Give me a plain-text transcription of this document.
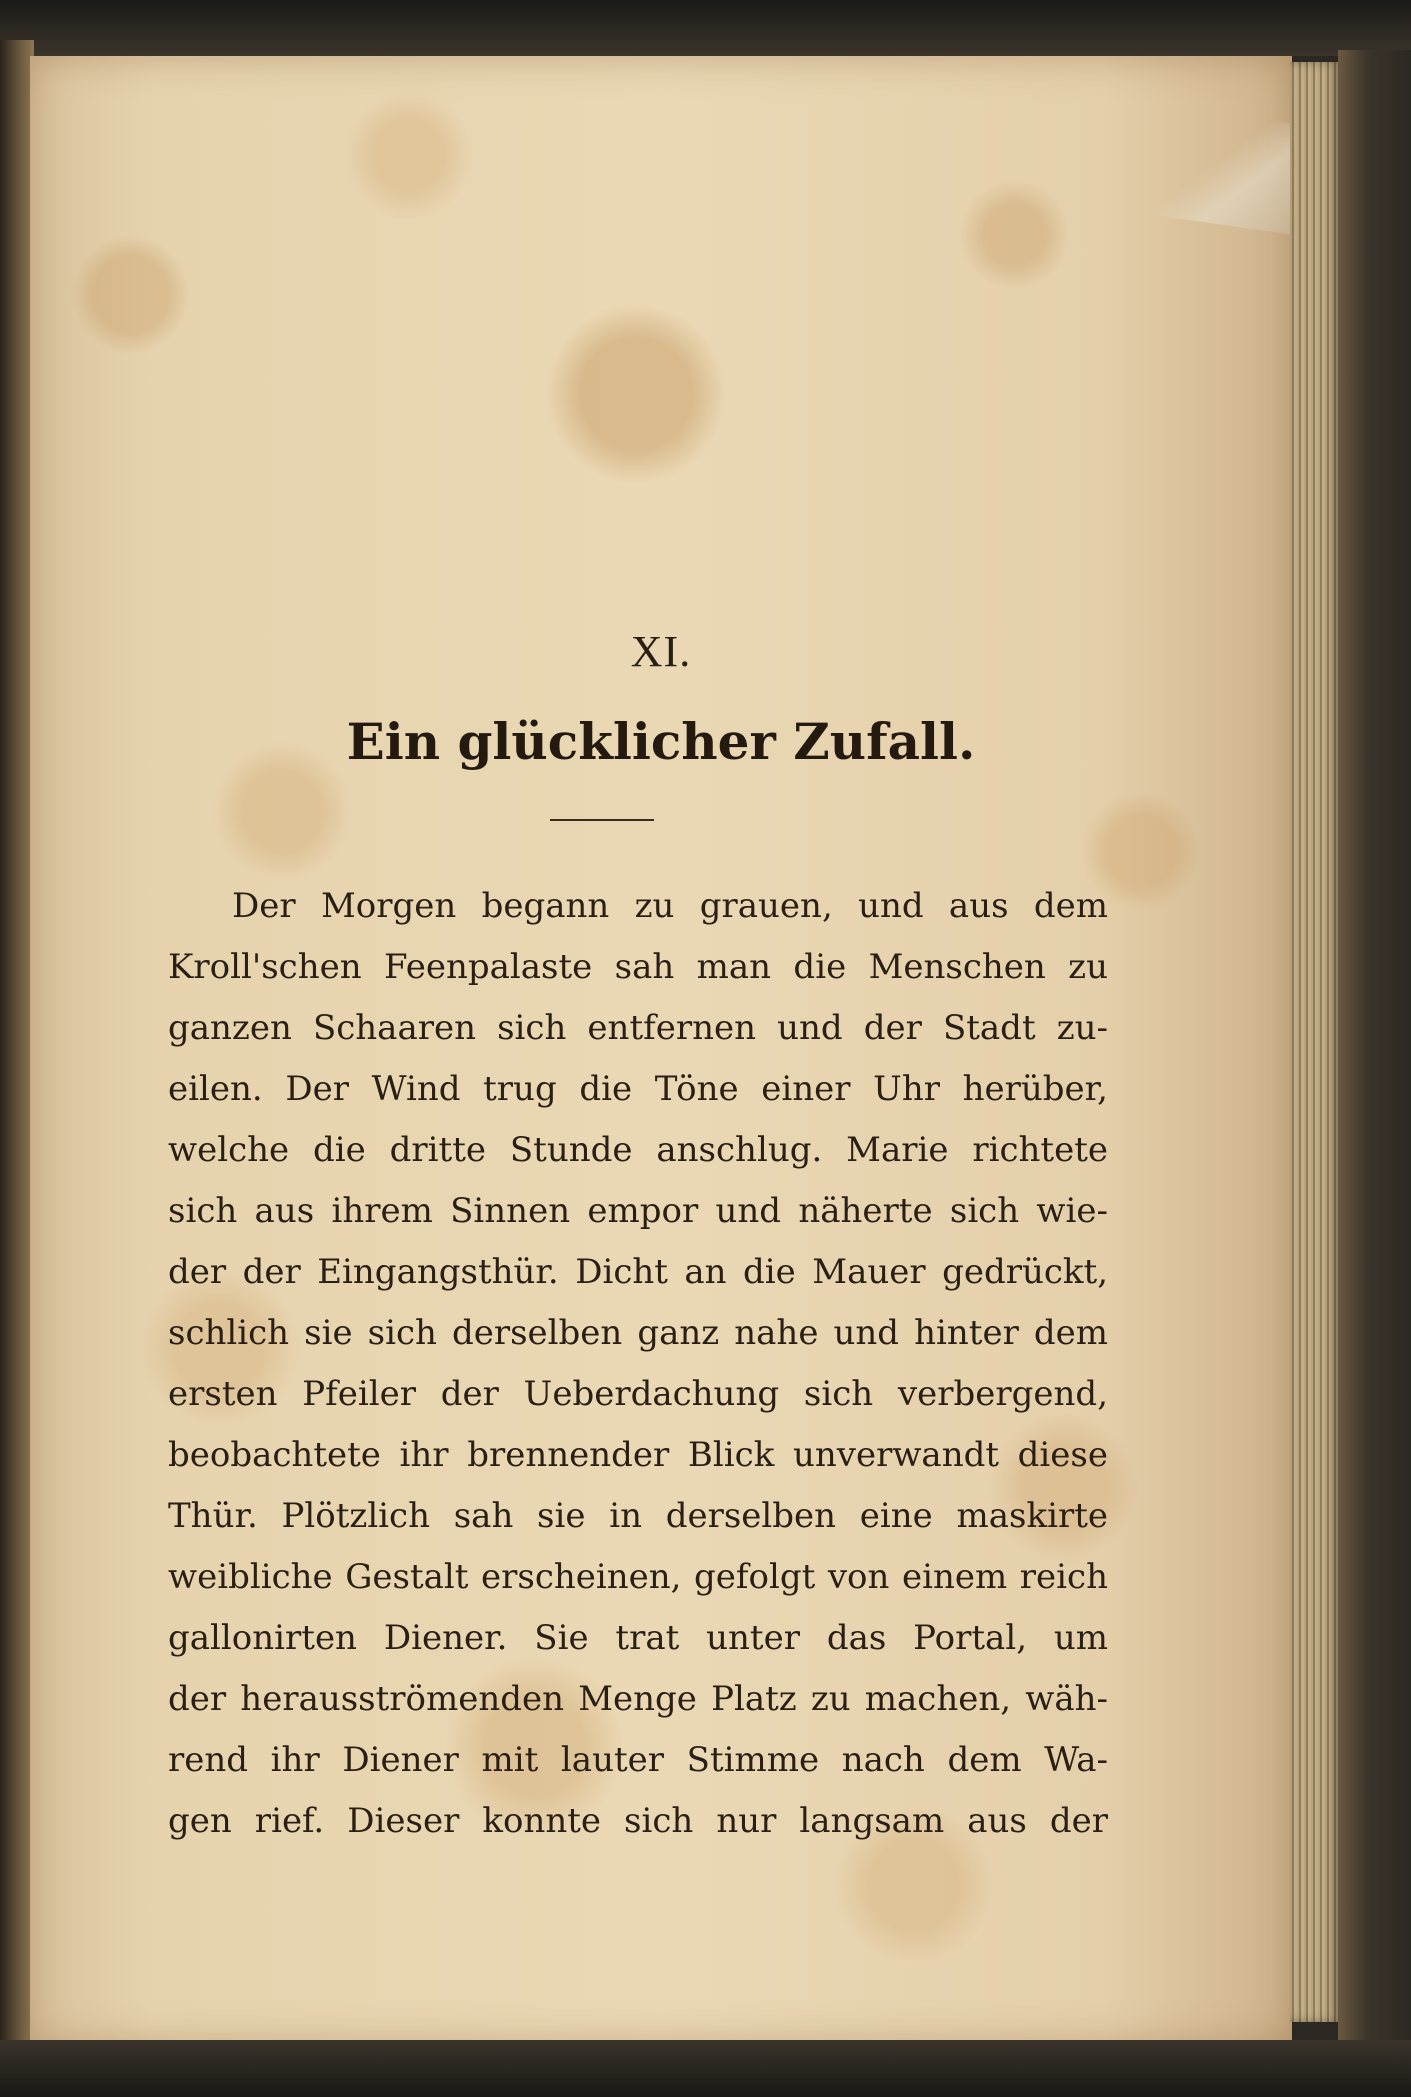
XI.
Ein glücklicher Zufall.
Der Morgen begann zu grauen, und aus dem
Kroll'schen Feenpalaste sah man die Menschen zu
ganzen Schaaren sich entfernen und der Stadt zu-
eilen. Der Wind trug die Töne einer Uhr herüber,
welche die dritte Stunde anschlug. Marie richtete
sich aus ihrem Sinnen empor und näherte sich wie-
der der Eingangsthür. Dicht an die Mauer gedrückt,
schlich sie sich derselben ganz nahe und hinter dem
ersten Pfeiler der Ueberdachung sich verbergend,
beobachtete ihr brennender Blick unverwandt diese
Thür. Plötzlich sah sie in derselben eine maskirte
weibliche Gestalt erscheinen, gefolgt von einem reich
gallonirten Diener. Sie trat unter das Portal, um
der herausströmenden Menge Platz zu machen, wäh-
rend ihr Diener mit lauter Stimme nach dem Wa-
gen rief. Dieser konnte sich nur langsam aus der
